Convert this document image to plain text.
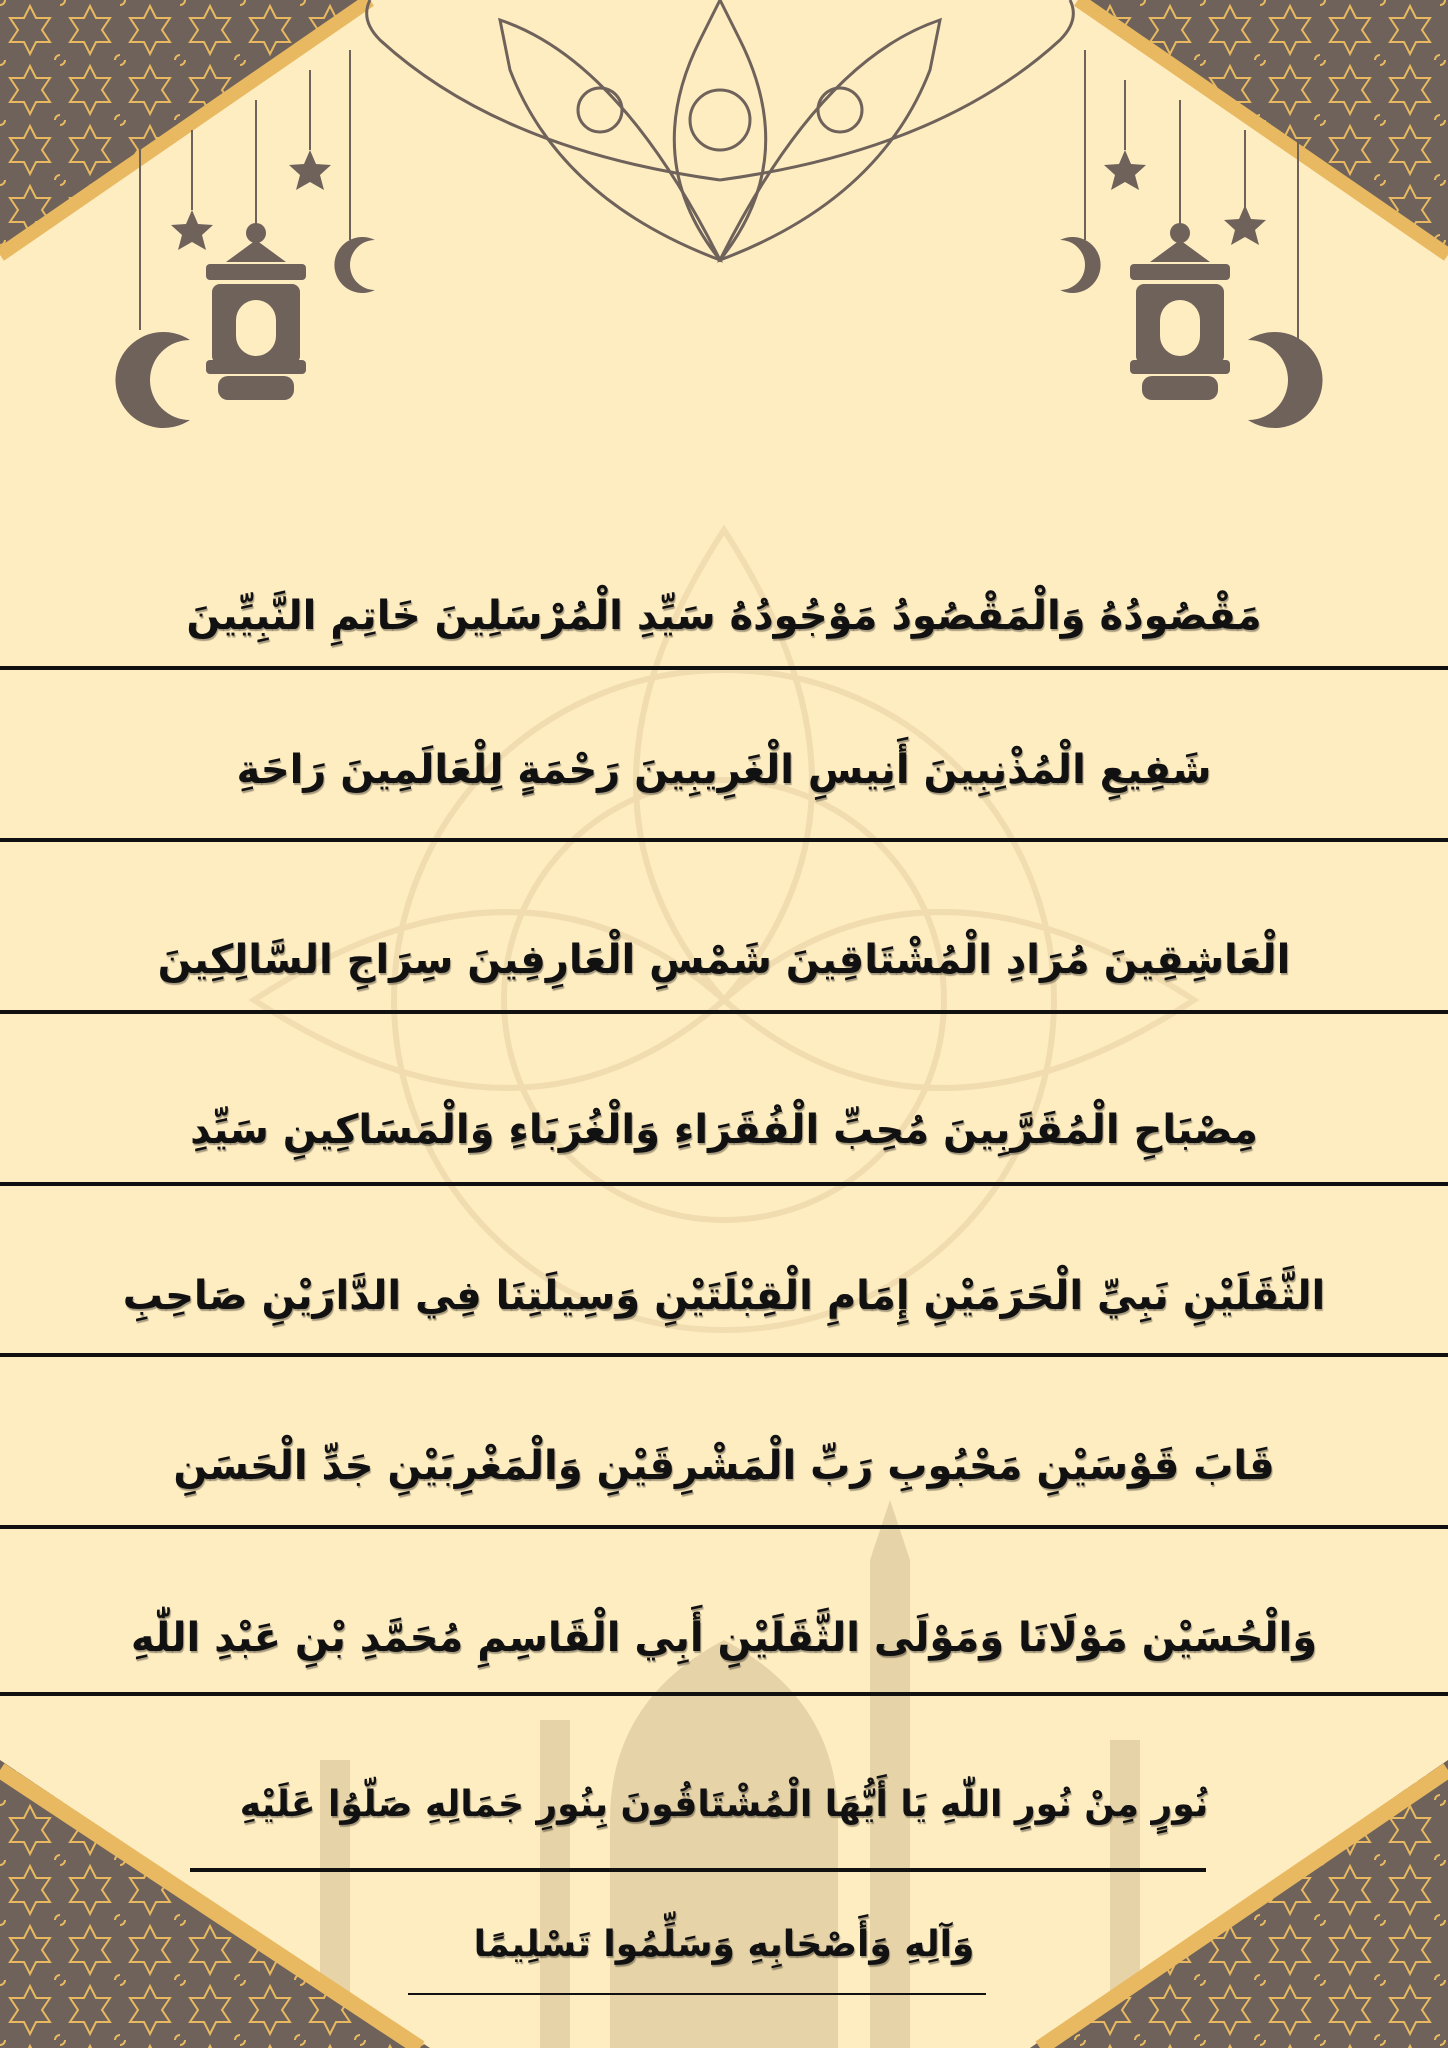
مَقْصُودُهُ وَالْمَقْصُودُ مَوْجُودُهُ سَيِّدِ الْمُرْسَلِينَ خَاتِمِ النَّبِيِّينَ
شَفِيعِ الْمُذْنِبِينَ أَنِيسِ الْغَرِيبِينَ رَحْمَةٍ لِلْعَالَمِينَ رَاحَةِ
الْعَاشِقِينَ مُرَادِ الْمُشْتَاقِينَ شَمْسِ الْعَارِفِينَ سِرَاجِ السَّالِكِينَ
مِصْبَاحِ الْمُقَرَّبِينَ مُحِبِّ الْفُقَرَاءِ وَالْغُرَبَاءِ وَالْمَسَاكِينِ سَيِّدِ
الثَّقَلَيْنِ نَبِيِّ الْحَرَمَيْنِ إِمَامِ الْقِبْلَتَيْنِ وَسِيلَتِنَا فِي الدَّارَيْنِ صَاحِبِ
قَابَ قَوْسَيْنِ مَحْبُوبِ رَبِّ الْمَشْرِقَيْنِ وَالْمَغْرِبَيْنِ جَدِّ الْحَسَنِ
وَالْحُسَيْن مَوْلَانَا وَمَوْلَى الثَّقَلَيْنِ أَبِي الْقَاسِمِ مُحَمَّدِ بْنِ عَبْدِ اللّٰهِ
نُورٍ مِنْ نُورِ اللّٰهِ يَا أَيُّهَا الْمُشْتَاقُونَ بِنُورِ جَمَالِهِ صَلّوُا عَلَيْهِ
وَآلِهِ وَأَصْحَابِهِ وَسَلِّمُوا تَسْلِيمًا
